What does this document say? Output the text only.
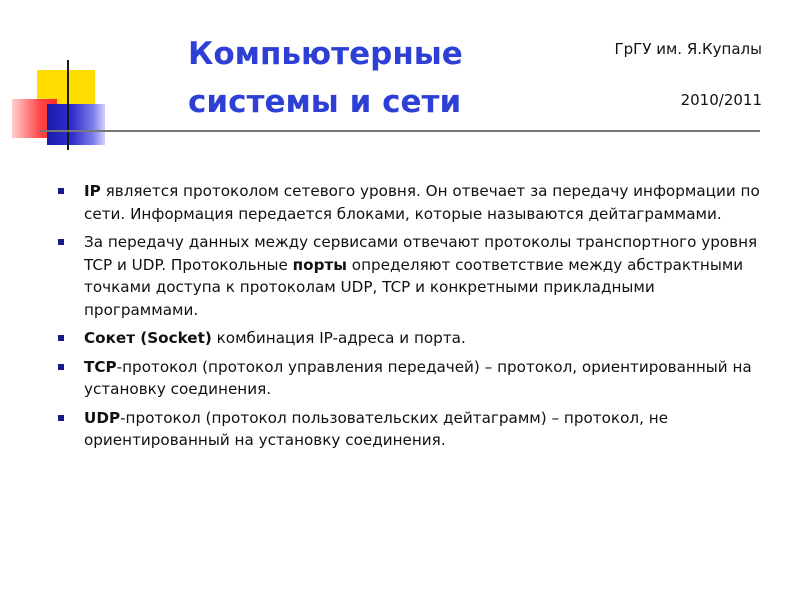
Компьютерные
системы и сети
ГрГУ им. Я.Купалы
2010/2011
IP является протоколом сетевого уровня. Он отвечает за передачу информации по сети. Информация передается блоками, которые называются дейтаграммами.
За передачу данных между сервисами отвечают протоколы транспортного уровня TCP и UDP. Протокольные порты определяют соответствие между абстрактными точками доступа к протоколам UDP, TCP и конкретными прикладными программами.
Сокет (Socket) комбинация IP-адреса и порта.
TCP-протокол (протокол управления передачей) – протокол, ориентированный на установку соединения.
UDP-протокол (протокол пользовательских дейтаграмм) – протокол, не ориентированный на установку соединения.
